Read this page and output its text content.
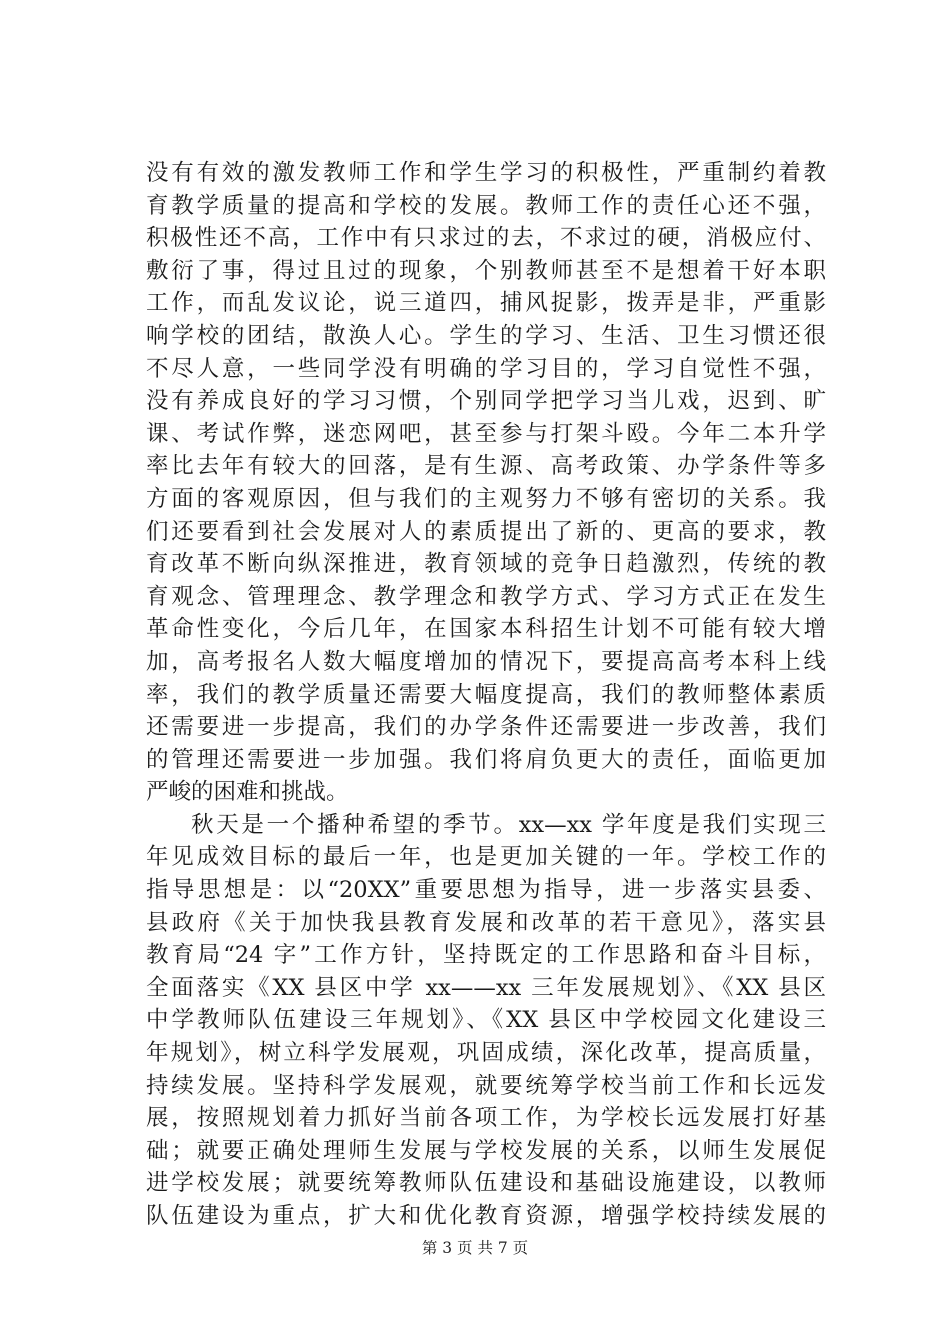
没有有效的激发教师工作和学生学习的积极性，严重制约着教
育教学质量的提高和学校的发展。教师工作的责任心还不强，
积极性还不高，工作中有只求过的去，不求过的硬，消极应付、
敷衍了事，得过且过的现象，个别教师甚至不是想着干好本职
工作，而乱发议论，说三道四，捕风捉影，拨弄是非，严重影
响学校的团结，散涣人心。学生的学习、生活、卫生习惯还很
不尽人意，一些同学没有明确的学习目的，学习自觉性不强，
没有养成良好的学习习惯，个别同学把学习当儿戏，迟到、旷
课、考试作弊，迷恋网吧，甚至参与打架斗殴。今年二本升学
率比去年有较大的回落，是有生源、高考政策、办学条件等多
方面的客观原因，但与我们的主观努力不够有密切的关系。我
们还要看到社会发展对人的素质提出了新的、更高的要求，教
育改革不断向纵深推进，教育领域的竞争日趋激烈，传统的教
育观念、管理理念、教学理念和教学方式、学习方式正在发生
革命性变化，今后几年，在国家本科招生计划不可能有较大增
加，高考报名人数大幅度增加的情况下，要提高高考本科上线
率，我们的教学质量还需要大幅度提高，我们的教师整体素质
还需要进一步提高，我们的办学条件还需要进一步改善，我们
的管理还需要进一步加强。我们将肩负更大的责任，面临更加
严峻的困难和挑战。
秋天是一个播种希望的季节。xx—xx 学年度是我们实现三
年见成效目标的最后一年，也是更加关键的一年。学校工作的
指导思想是：以“20XX”重要思想为指导，进一步落实县委、
县政府《关于加快我县教育发展和改革的若干意见》，落实县
教育局“24 字”工作方针，坚持既定的工作思路和奋斗目标，
全面落实《XX 县区中学 xx——xx 三年发展规划》、《XX 县区
中学教师队伍建设三年规划》、《XX 县区中学校园文化建设三
年规划》，树立科学发展观，巩固成绩，深化改革，提高质量，
持续发展。坚持科学发展观，就要统筹学校当前工作和长远发
展，按照规划着力抓好当前各项工作，为学校长远发展打好基
础；就要正确处理师生发展与学校发展的关系，以师生发展促
进学校发展；就要统筹教师队伍建设和基础设施建设，以教师
队伍建设为重点，扩大和优化教育资源，增强学校持续发展的
第 3 页 共 7 页
